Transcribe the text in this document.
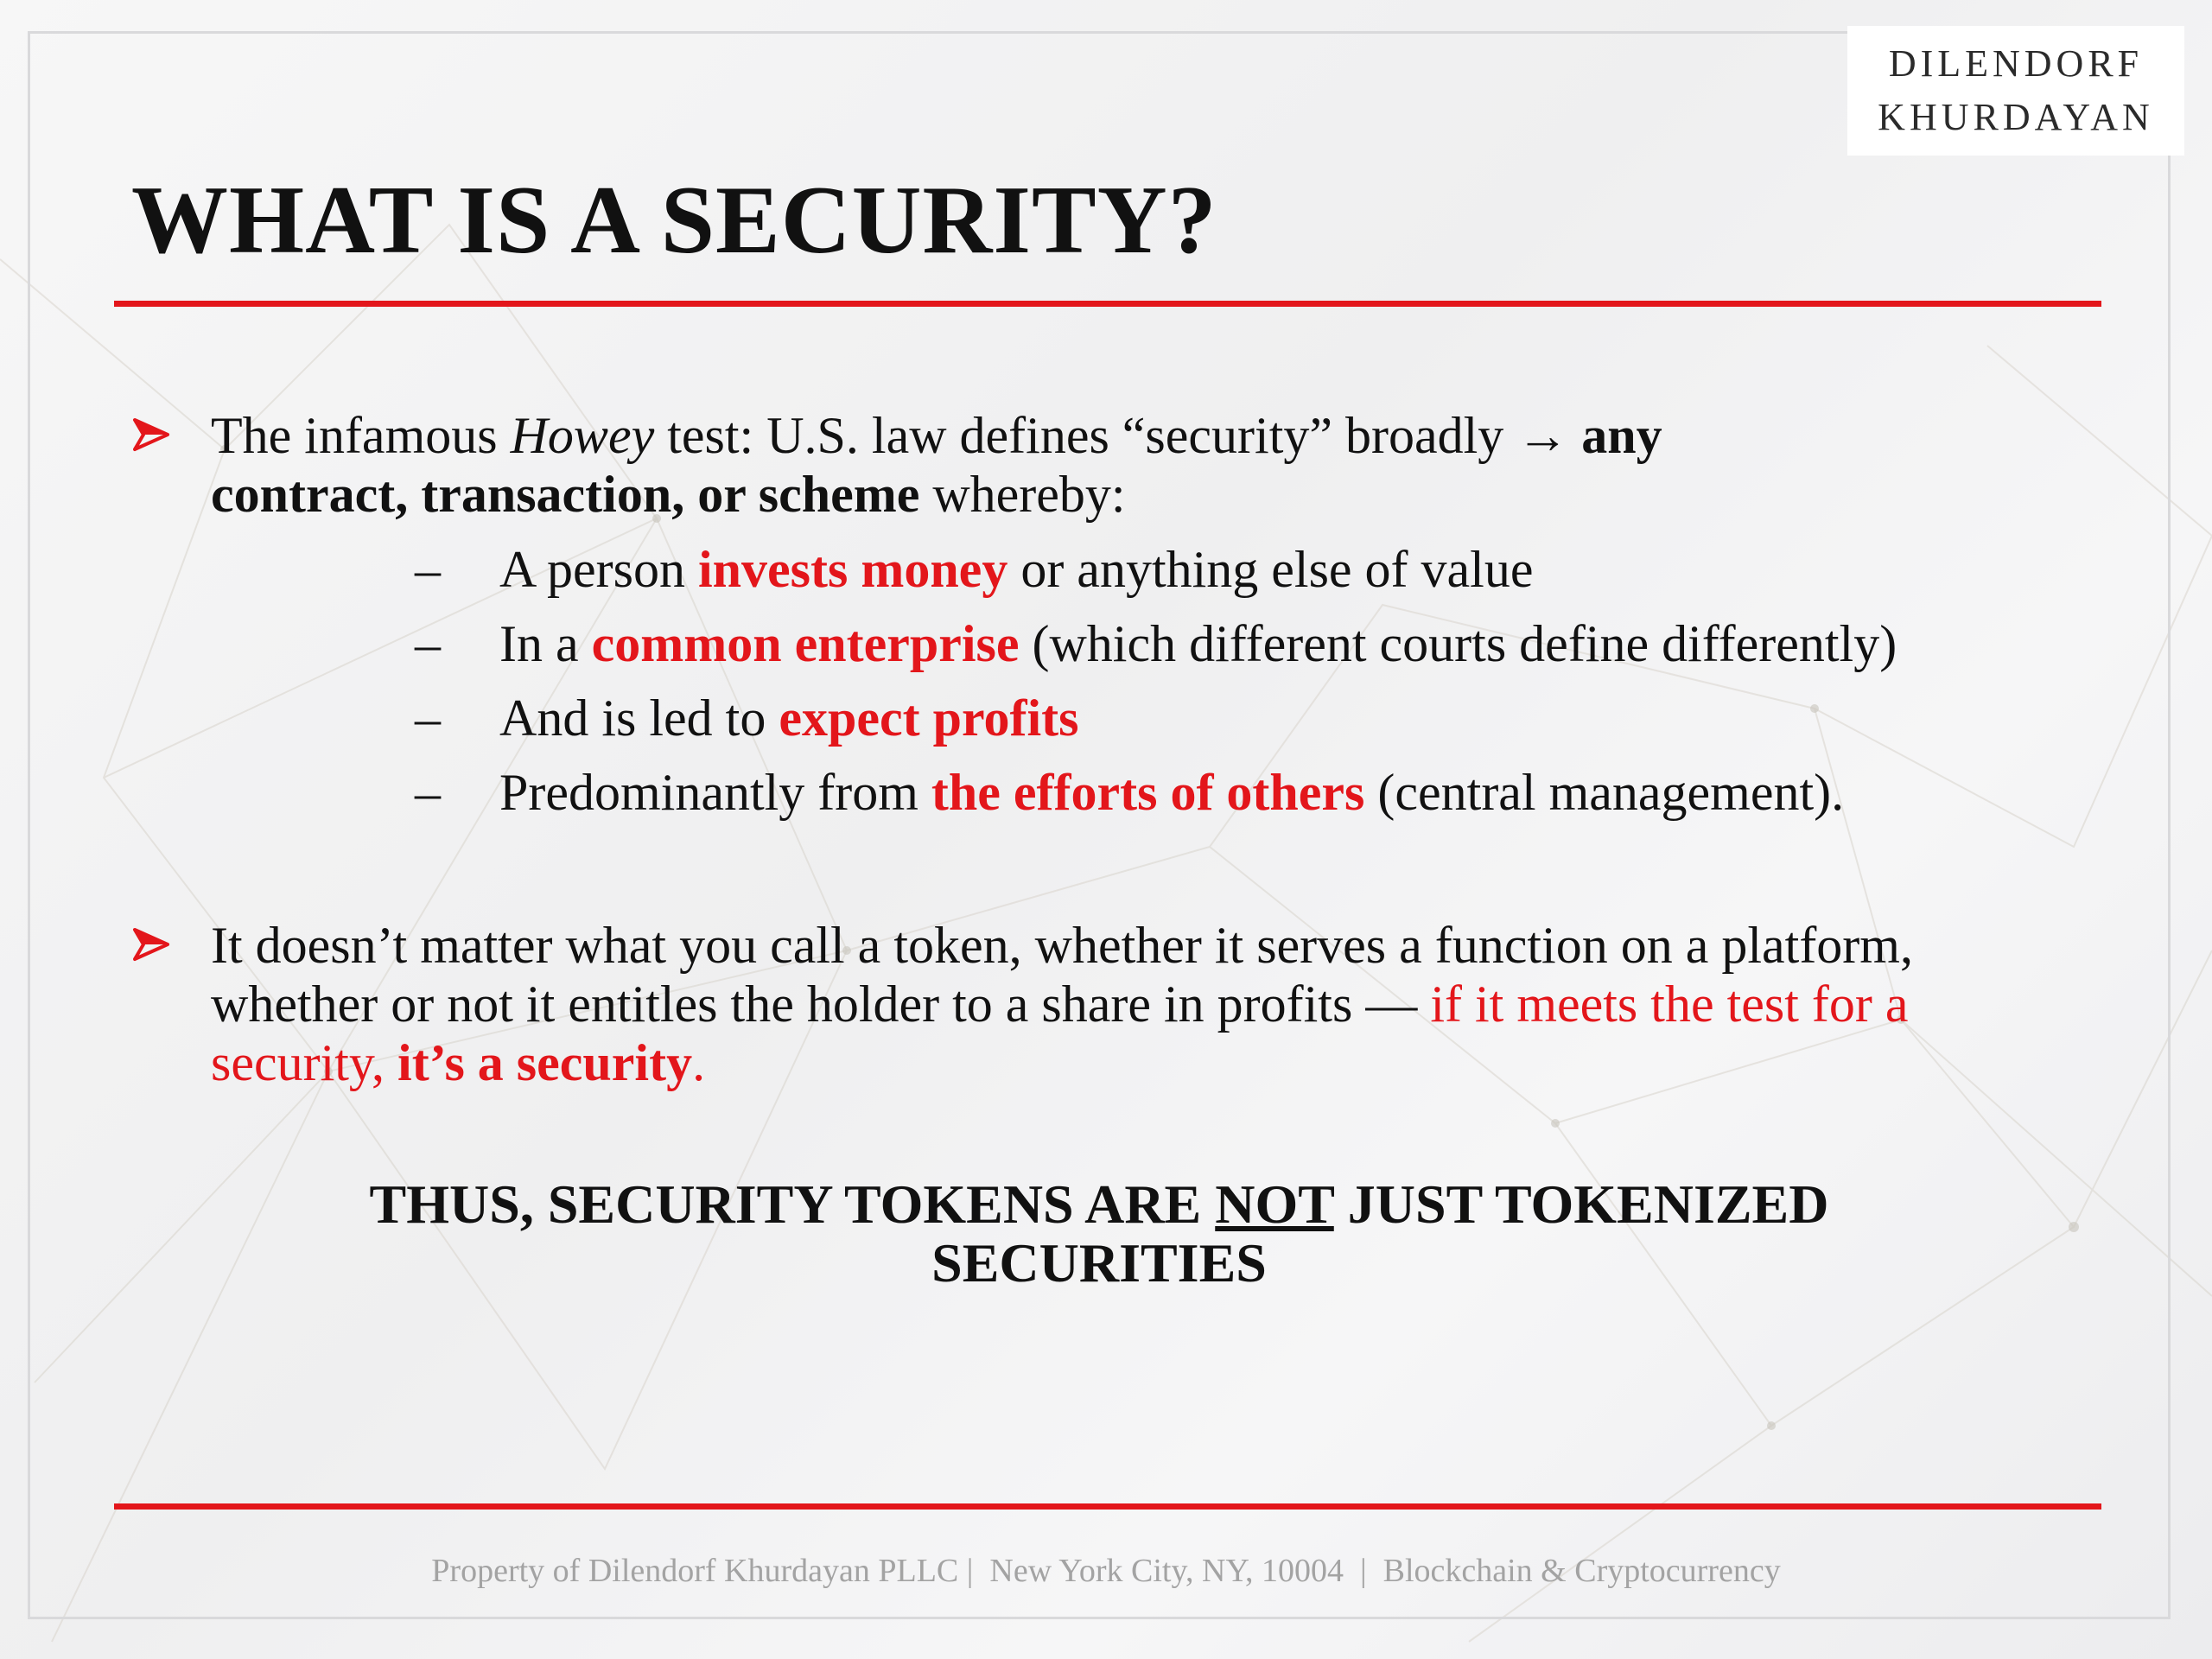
DILENDORF
KHURDAYAN
WHAT IS A SECURITY?
The infamous Howey test: U.S. law defines “security” broadly → any
contract, transaction, or scheme whereby:
– A person invests money or anything else of value
– In a common enterprise (which different courts define differently)
– And is led to expect profits
– Predominantly from the efforts of others (central management).
It doesn’t matter what you call a token, whether it serves a function on a platform, whether or not it entitles the holder to a share in profits — if it meets the test for a security, it’s a security.
THUS, SECURITY TOKENS ARE NOT JUST TOKENIZED
SECURITIES
Property of Dilendorf Khurdayan PLLC |  New York City, NY, 10004  |  Blockchain & Cryptocurrency
